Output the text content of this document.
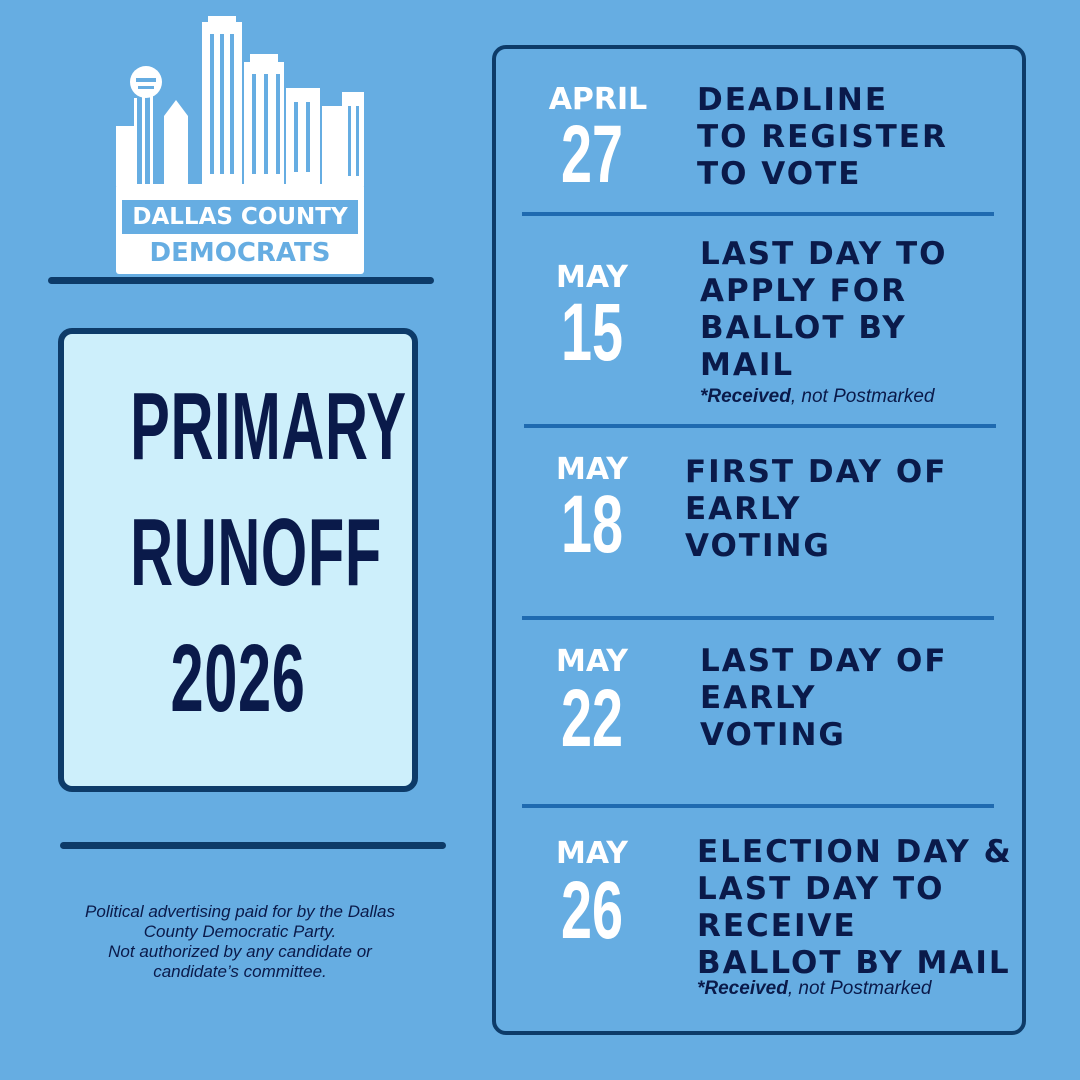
DALLAS COUNTY
DEMOCRATS
PRIMARY
RUNOFF
2026
Political advertising paid for by the Dallas
County Democratic Party.
Not authorized by any candidate or
candidate’s committee.
APRIL
27
DEADLINE
TO REGISTER
TO VOTE
MAY
15
LAST DAY TO
APPLY FOR
BALLOT BY
MAIL
*Received, not Postmarked
MAY
18
FIRST DAY OF
EARLY
VOTING
MAY
22
LAST DAY OF
EARLY
VOTING
MAY
26
ELECTION DAY &
LAST DAY TO
RECEIVE
BALLOT BY MAIL
*Received, not Postmarked
